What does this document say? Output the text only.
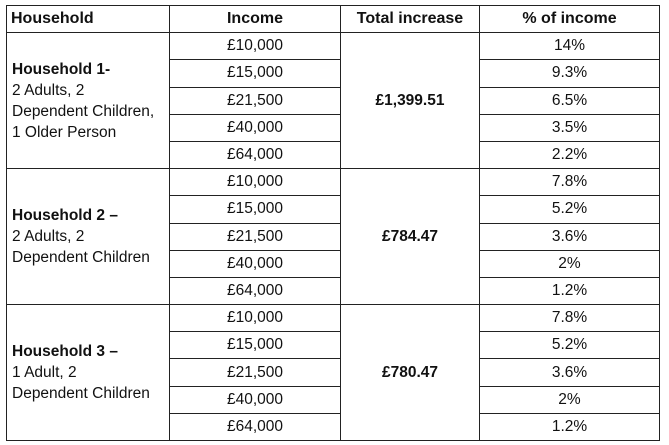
Household	Income	Total increase	% of income

Household 1-
2 Adults, 2
Dependent Children,
1 Older Person	£10,000	£1,399.51	14%
	£15,000		9.3%
	£21,500		6.5%
	£40,000		3.5%
	£64,000		2.2%

Household 2 –
2 Adults, 2
Dependent Children	£10,000	£784.47	7.8%
	£15,000		5.2%
	£21,500		3.6%
	£40,000		2%
	£64,000		1.2%

Household 3 –
1 Adult, 2
Dependent Children	£10,000	£780.47	7.8%
	£15,000		5.2%
	£21,500		3.6%
	£40,000		2%
	£64,000		1.2%
